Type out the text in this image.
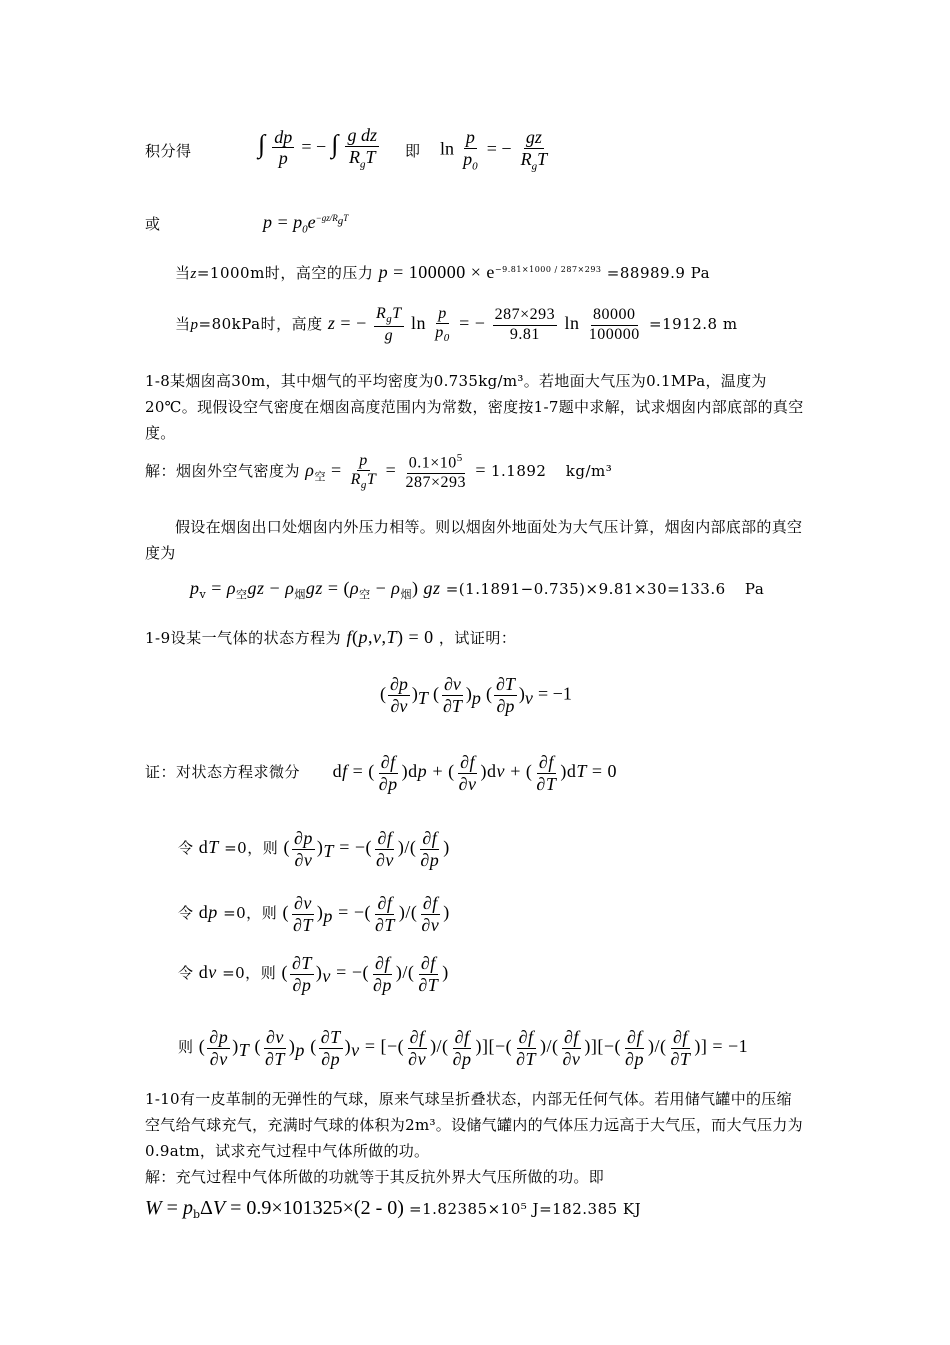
积分得	∫ $\frac{dp}{p}$ = − ∫ $\frac{\text{g dz}}{R_gT}$ 即 $\ln \frac{p}{p_0}$ = − $\frac{gz}{R_gT}$
或	$p = p_0e^{-gz/R_gT}$
当z=1000m时，高空的压力 $p = 100000 \times e^{-9.81\times 1000 / 287\times 293} =88989.9$ Pa
当p=80kPa时，高度 z = − $\frac{R_gT}{g}$ $\ln \frac{p}{p_0}$ = − $\frac{287\times 293}{9.81}$ $\ln \frac{80000}{100000} =1912.8$ m
1-8某烟囱高30m，其中烟气的平均密度为0.735kg/m³。若地面大气压为0.1MPa，温度为20℃。现假设空气密度在烟囱高度范围内为常数，密度按1-7题中求解，试求烟囱内部底部的真空度。
解：烟囱外空气密度为 $\rho_空 = \frac{p}{R_gT} = \frac{0.1\times 10^5}{287\times 293} = 1.1892$ kg/m³
假设在烟囱出口处烟囱内外压力相等。则以烟囱外地面处为大气压计算，烟囱内部底部的真空度为
$p_v = \rho_空gz - \rho_烟gz = (\rho_空 - \rho_烟)$ gz =(1.1891−0.735)×9.81×30=133.6 Pa
1-9设某一气体的状态方程为 f(p,v,T) = 0 ，试证明：
( $\frac{\partial p}{\partial v} )_T$ ( $\frac{\partial v}{\partial T} )_p$ ( $\frac{\partial T}{\partial p} )_v = -1$
证：对状态方程求微分 df = ( $\frac{\partial f}{\partial p} )dp$ + ( $\frac{\partial f}{\partial v} )dv$ + ( $\frac{\partial f}{\partial T} )dT = 0$
令 dT =0，则 ( $\frac{\partial p}{\partial v} )_T$ = −( $\frac{\partial f}{\partial v}$ )/( $\frac{\partial f}{\partial p}$ )
令 dp =0，则 ( $\frac{\partial v}{\partial T} )_p$ = −( $\frac{\partial f}{\partial T}$ )/( $\frac{\partial f}{\partial v}$ )
令 dv =0，则 ( $\frac{\partial T}{\partial p} )_v$ = −( $\frac{\partial f}{\partial p}$ )/( $\frac{\partial f}{\partial T}$ )
则 ( $\frac{\partial p}{\partial v} )_T$ ( $\frac{\partial v}{\partial T} )_p$ ( $\frac{\partial T}{\partial p} )_v$ = [−( $\frac{\partial f}{\partial v}$ )/( $\frac{\partial f}{\partial p}$ )][−( $\frac{\partial f}{\partial T}$ )/( $\frac{\partial f}{\partial v}$ )][−( $\frac{\partial f}{\partial p}$ )/( $\frac{\partial f}{\partial T}$ )] = −1
1-10有一皮革制的无弹性的气球，原来气球呈折叠状态，内部无任何气体。若用储气罐中的压缩空气给气球充气，充满时气球的体积为2m³。设储气罐内的气体压力远高于大气压，而大气压力为0.9atm，试求充气过程中气体所做的功。
解：充气过程中气体所做的功就等于其反抗外界大气压所做的功。即
$W = p_b\Delta V = 0.9\times 101325\times(2 - 0) =1.82385\times 10^5$ J=182.385 KJ
